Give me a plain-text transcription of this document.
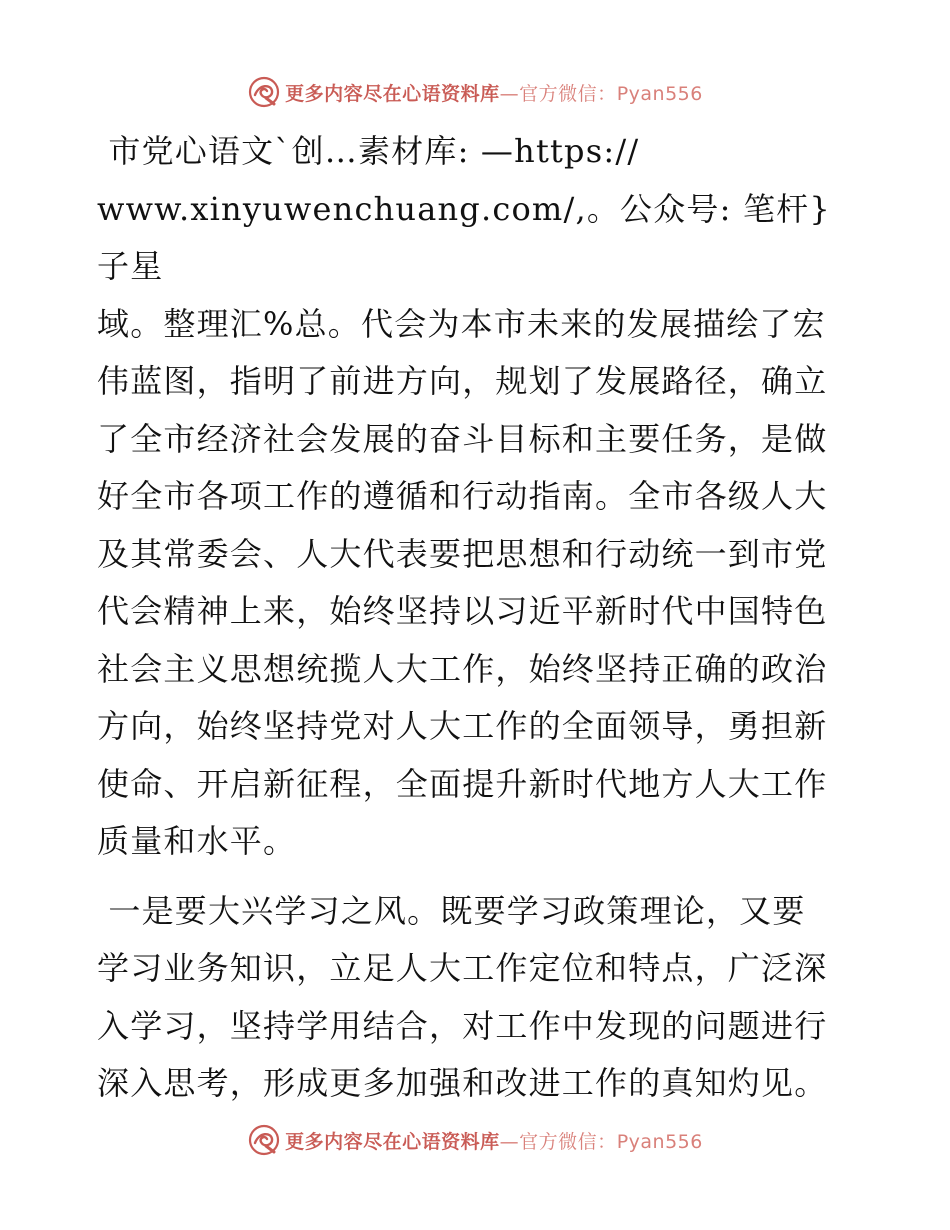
更多内容尽在心语资料库—官方微信：Pyan556

市党心语文`创…素材库: —https://
www.xinyuwenchuang.com/,。公众号: 笔杆}子星
域。整理汇%总。代会为本市未来的发展描绘了宏
伟蓝图，指明了前进方向，规划了发展路径，确立
了全市经济社会发展的奋斗目标和主要任务，是做
好全市各项工作的遵循和行动指南。全市各级人大
及其常委会、人大代表要把思想和行动统一到市党
代会精神上来，始终坚持以习近平新时代中国特色
社会主义思想统揽人大工作，始终坚持正确的政治
方向，始终坚持党对人大工作的全面领导，勇担新
使命、开启新征程，全面提升新时代地方人大工作
质量和水平。

一是要大兴学习之风。既要学习政策理论，又要
学习业务知识，立足人大工作定位和特点，广泛深
入学习，坚持学用结合，对工作中发现的问题进行
深入思考，形成更多加强和改进工作的真知灼见。

更多内容尽在心语资料库—官方微信：Pyan556
